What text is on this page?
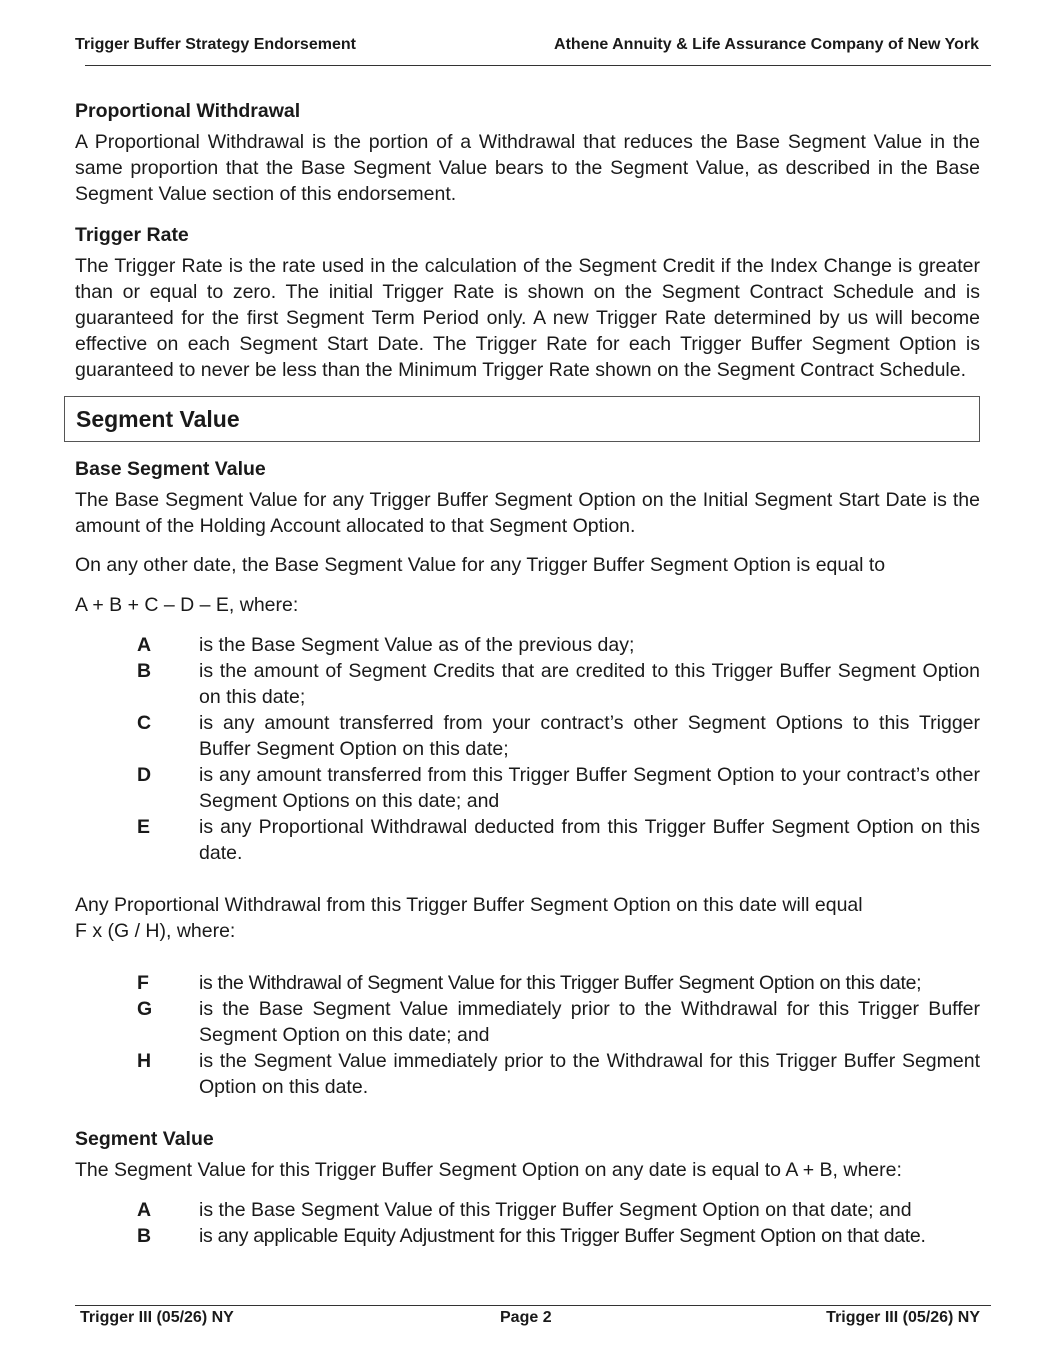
Trigger Buffer Strategy Endorsement	Athene Annuity & Life Assurance Company of New York
Proportional Withdrawal

A Proportional Withdrawal is the portion of a Withdrawal that reduces the Base Segment Value in the same proportion that the Base Segment Value bears to the Segment Value, as described in the Base Segment Value section of this endorsement.

Trigger Rate

The Trigger Rate is the rate used in the calculation of the Segment Credit if the Index Change is greater than or equal to zero. The initial Trigger Rate is shown on the Segment Contract Schedule and is guaranteed for the first Segment Term Period only. A new Trigger Rate determined by us will become effective on each Segment Start Date. The Trigger Rate for each Trigger Buffer Segment Option is guaranteed to never be less than the Minimum Trigger Rate shown on the Segment Contract Schedule.

Segment Value
Base Segment Value

The Base Segment Value for any Trigger Buffer Segment Option on the Initial Segment Start Date is the amount of the Holding Account allocated to that Segment Option.

On any other date, the Base Segment Value for any Trigger Buffer Segment Option is equal to

A + B + C – D – E, where:

A	is the Base Segment Value as of the previous day;
B	is the amount of Segment Credits that are credited to this Trigger Buffer Segment Option on this date;
C	is any amount transferred from your contract’s other Segment Options to this Trigger Buffer Segment Option on this date;
D	is any amount transferred from this Trigger Buffer Segment Option to your contract’s other Segment Options on this date; and
E	is any Proportional Withdrawal deducted from this Trigger Buffer Segment Option on this date.

Any Proportional Withdrawal from this Trigger Buffer Segment Option on this date will equal

F x (G / H), where:

F	is the Withdrawal of Segment Value for this Trigger Buffer Segment Option on this date;
G	is the Base Segment Value immediately prior to the Withdrawal for this Trigger Buffer Segment Option on this date; and
H	is the Segment Value immediately prior to the Withdrawal for this Trigger Buffer Segment Option on this date.
Segment Value

The Segment Value for this Trigger Buffer Segment Option on any date is equal to A + B, where:

A	is the Base Segment Value of this Trigger Buffer Segment Option on that date; and
B	is any applicable Equity Adjustment for this Trigger Buffer Segment Option on that date.
Trigger III (05/26) NY	Page 2	Trigger III (05/26) NY
